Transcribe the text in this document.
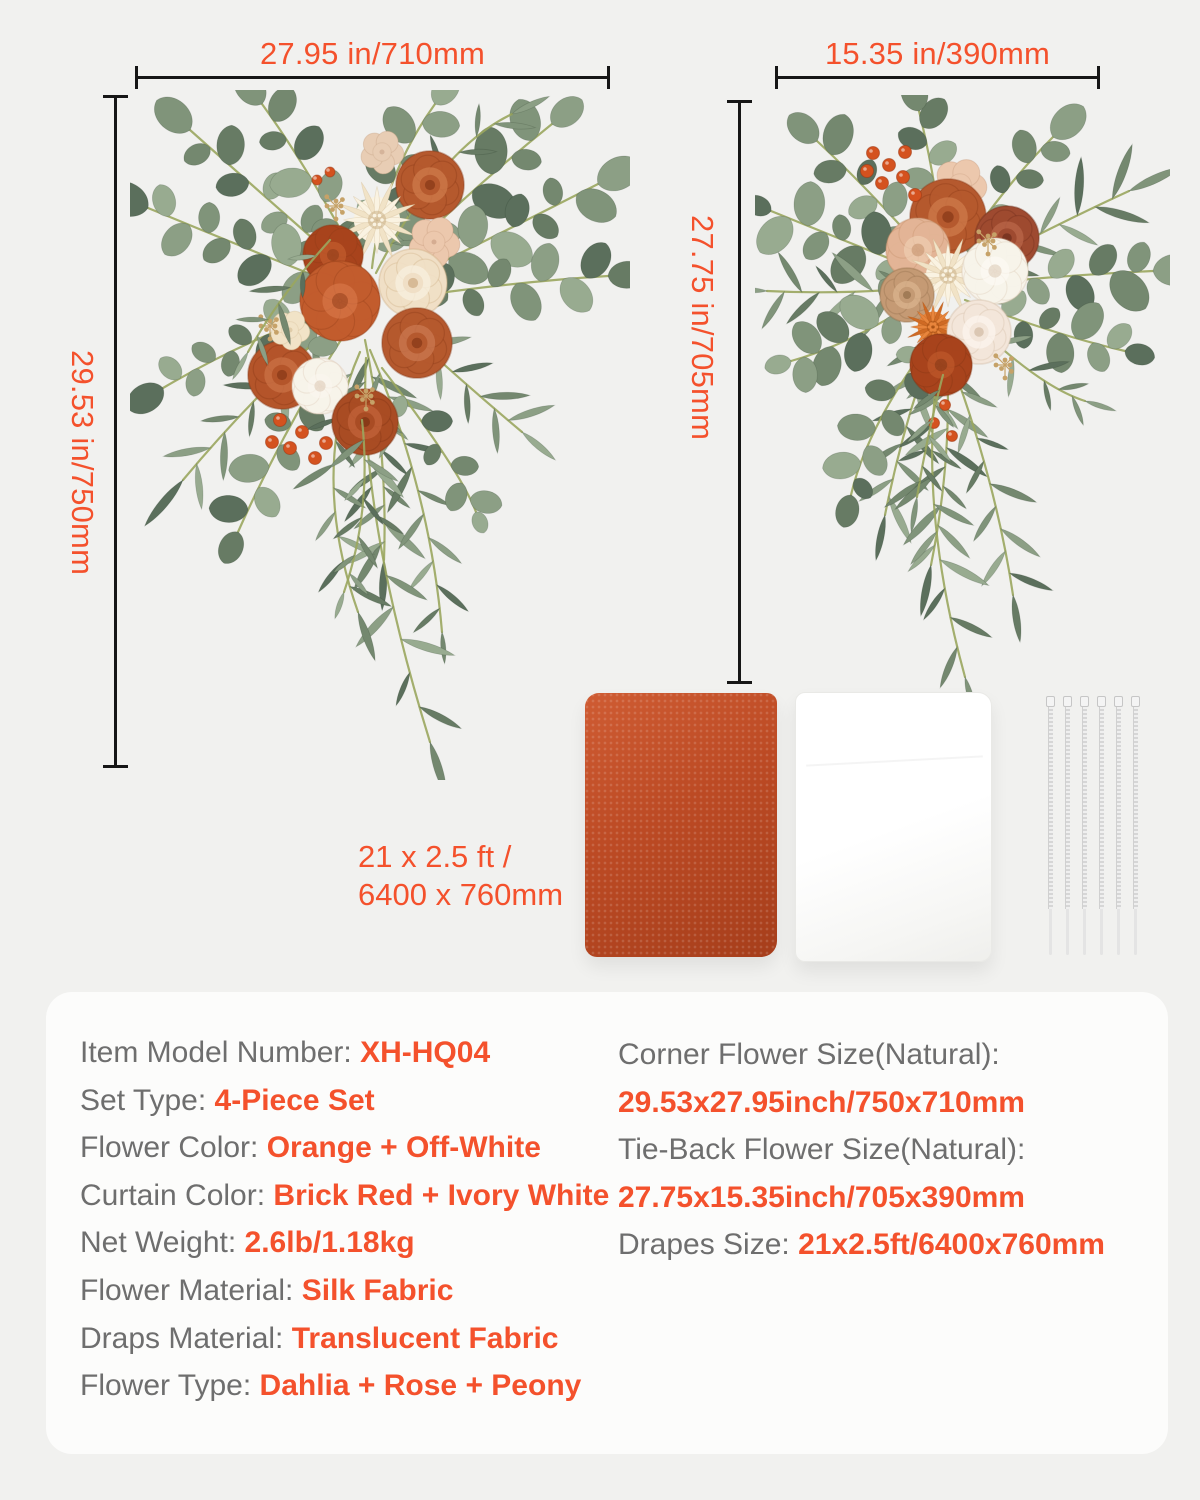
27.95 in/710mm	15.35 in/390mm
29.53 in/750mm
27.75 in/705mm
21 x 2.5 ft /
6400 x 760mm
Item Model Number: XH-HQ04
Set Type: 4-Piece Set
Flower Color: Orange + Off-White
Curtain Color: Brick Red + Ivory White
Net Weight: 2.6lb/1.18kg
Flower Material: Silk Fabric
Draps Material: Translucent Fabric
Flower Type: Dahlia + Rose + Peony
Corner Flower Size(Natural):
29.53x27.95inch/750x710mm
Tie-Back Flower Size(Natural):
27.75x15.35inch/705x390mm
Drapes Size: 21x2.5ft/6400x760mm
